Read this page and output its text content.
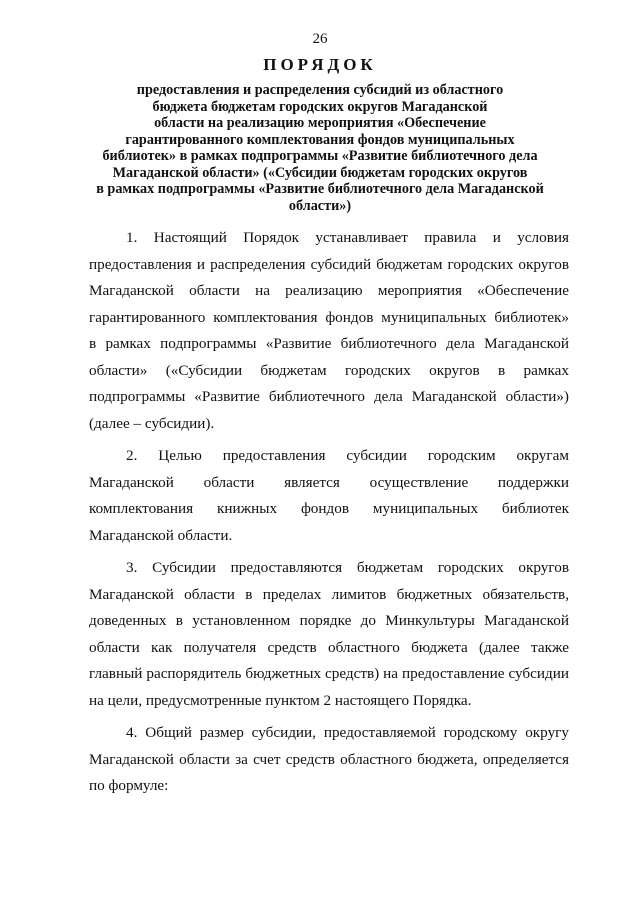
26
ПОРЯДОК
предоставления и распределения субсидий из областного
бюджета бюджетам городских округов Магаданской
области на реализацию мероприятия «Обеспечение
гарантированного комплектования фондов муниципальных
библиотек» в рамках подпрограммы «Развитие библиотечного дела
Магаданской области» («Субсидии бюджетам городских округов
в рамках подпрограммы «Развитие библиотечного дела Магаданской
области»)
1. Настоящий Порядок устанавливает правила и условия
предоставления и распределения субсидий бюджетам городских округов
Магаданской области на реализацию мероприятия «Обеспечение
гарантированного комплектования фондов муниципальных библиотек»
в рамках подпрограммы «Развитие библиотечного дела Магаданской
области» («Субсидии бюджетам городских округов в рамках
подпрограммы «Развитие библиотечного дела Магаданской области»)
(далее – субсидии).
2. Целью предоставления субсидии городским округам
Магаданской области является осуществление поддержки
комплектования книжных фондов муниципальных библиотек
Магаданской области.
3. Субсидии предоставляются бюджетам городских округов
Магаданской области в пределах лимитов бюджетных обязательств,
доведенных в установленном порядке до Минкультуры Магаданской
области как получателя средств областного бюджета (далее также
главный распорядитель бюджетных средств) на предоставление субсидии
на цели, предусмотренные пунктом 2 настоящего Порядка.
4. Общий размер субсидии, предоставляемой городскому округу
Магаданской области за счет средств областного бюджета, определяется
по формуле:
